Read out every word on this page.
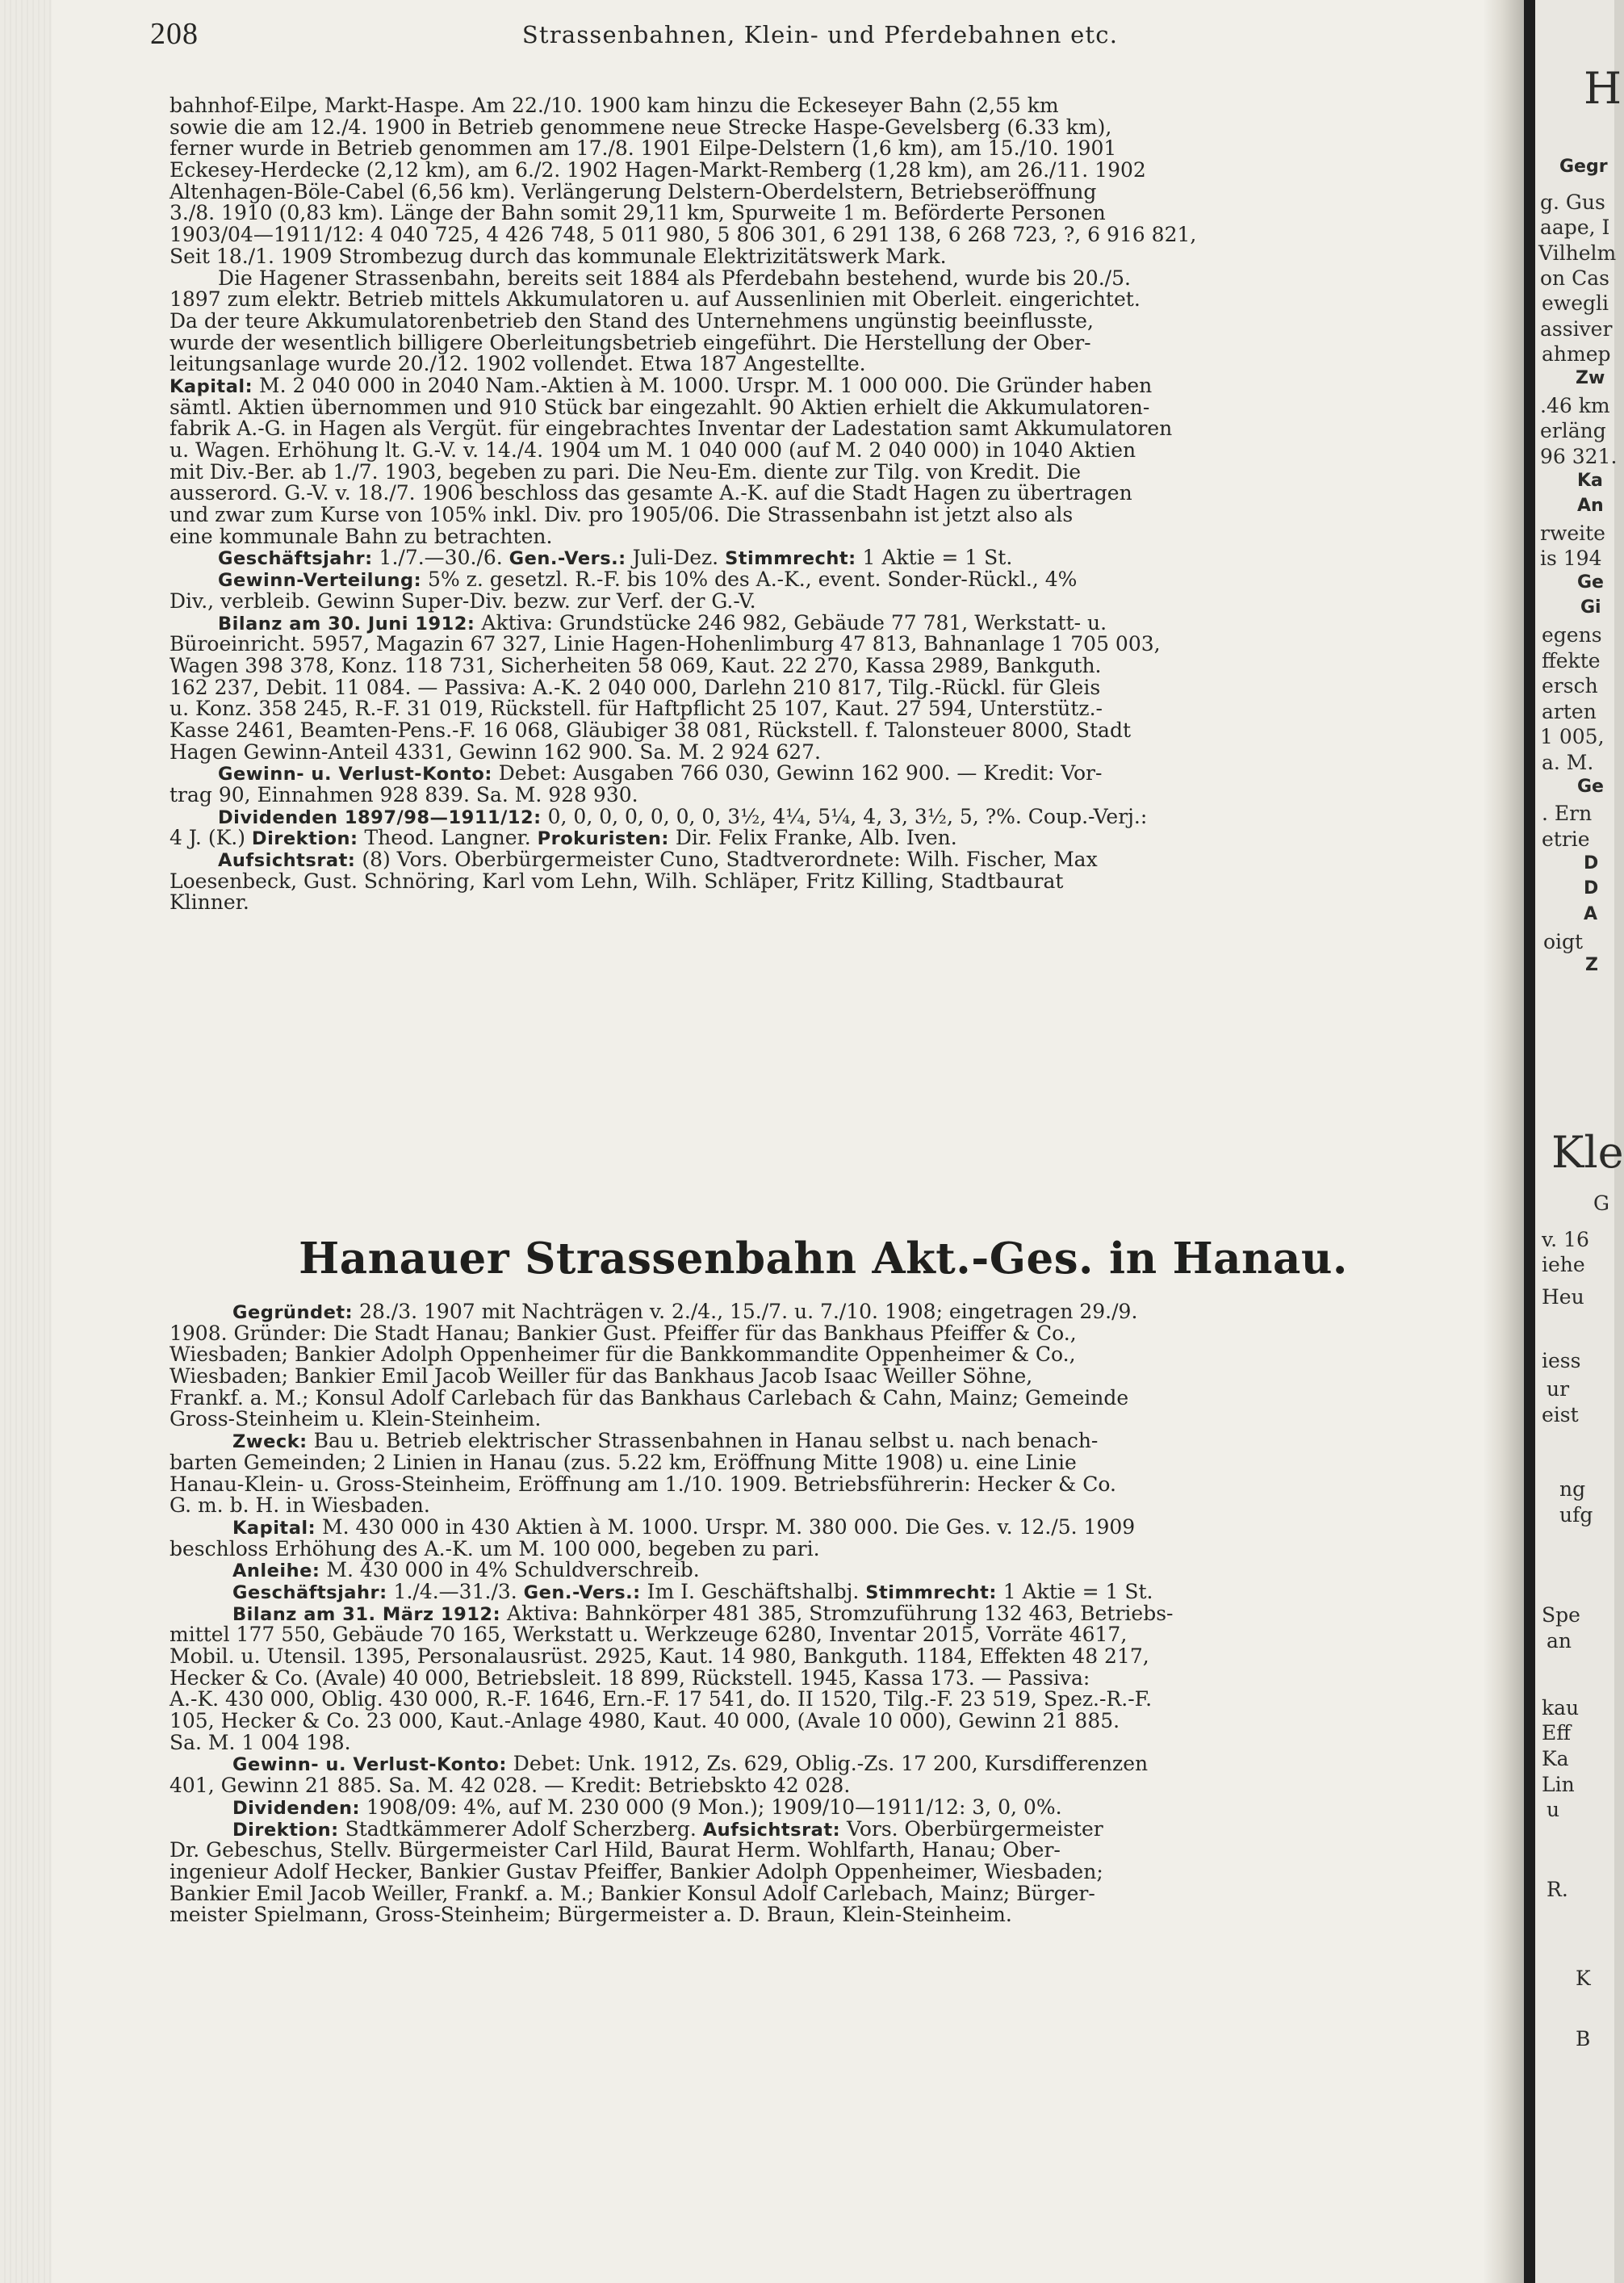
208	Strassenbahnen, Klein- und Pferdebahnen etc.
bahnhof-Eilpe, Markt-Haspe. Am 22./10. 1900 kam hinzu die Eckeseyer Bahn (2,55 km
sowie die am 12./4. 1900 in Betrieb genommene neue Strecke Haspe-Gevelsberg (6.33 km),
ferner wurde in Betrieb genommen am 17./8. 1901 Eilpe-Delstern (1,6 km), am 15./10. 1901
Eckesey-Herdecke (2,12 km), am 6./2. 1902 Hagen-Markt-Remberg (1,28 km), am 26./11. 1902
Altenhagen-Böle-Cabel (6,56 km). Verlängerung Delstern-Oberdelstern, Betriebseröffnung
3./8. 1910 (0,83 km). Länge der Bahn somit 29,11 km, Spurweite 1 m. Beförderte Personen
1903/04—1911/12: 4 040 725, 4 426 748, 5 011 980, 5 806 301, 6 291 138, 6 268 723, ?, 6 916 821,
Seit 18./1. 1909 Strombezug durch das kommunale Elektrizitätswerk Mark.
Die Hagener Strassenbahn, bereits seit 1884 als Pferdebahn bestehend, wurde bis 20./5.
1897 zum elektr. Betrieb mittels Akkumulatoren u. auf Aussenlinien mit Oberleit. eingerichtet.
Da der teure Akkumulatorenbetrieb den Stand des Unternehmens ungünstig beeinflusste,
wurde der wesentlich billigere Oberleitungsbetrieb eingeführt. Die Herstellung der Ober-
leitungsanlage wurde 20./12. 1902 vollendet. Etwa 187 Angestellte.
Kapital: M. 2 040 000 in 2040 Nam.-Aktien à M. 1000. Urspr. M. 1 000 000. Die Gründer haben
sämtl. Aktien übernommen und 910 Stück bar eingezahlt. 90 Aktien erhielt die Akkumulatoren-
fabrik A.-G. in Hagen als Vergüt. für eingebrachtes Inventar der Ladestation samt Akkumulatoren
u. Wagen. Erhöhung lt. G.-V. v. 14./4. 1904 um M. 1 040 000 (auf M. 2 040 000) in 1040 Aktien
mit Div.-Ber. ab 1./7. 1903, begeben zu pari. Die Neu-Em. diente zur Tilg. von Kredit. Die
ausserord. G.-V. v. 18./7. 1906 beschloss das gesamte A.-K. auf die Stadt Hagen zu übertragen
und zwar zum Kurse von 105% inkl. Div. pro 1905/06. Die Strassenbahn ist jetzt also als
eine kommunale Bahn zu betrachten.
Geschäftsjahr: 1./7.—30./6. Gen.-Vers.: Juli-Dez. Stimmrecht: 1 Aktie = 1 St.
Gewinn-Verteilung: 5% z. gesetzl. R.-F. bis 10% des A.-K., event. Sonder-Rückl., 4%
Div., verbleib. Gewinn Super-Div. bezw. zur Verf. der G.-V.
Bilanz am 30. Juni 1912: Aktiva: Grundstücke 246 982, Gebäude 77 781, Werkstatt- u.
Büroeinricht. 5957, Magazin 67 327, Linie Hagen-Hohenlimburg 47 813, Bahnanlage 1 705 003,
Wagen 398 378, Konz. 118 731, Sicherheiten 58 069, Kaut. 22 270, Kassa 2989, Bankguth.
162 237, Debit. 11 084. — Passiva: A.-K. 2 040 000, Darlehn 210 817, Tilg.-Rückl. für Gleis
u. Konz. 358 245, R.-F. 31 019, Rückstell. für Haftpflicht 25 107, Kaut. 27 594, Unterstütz.-
Kasse 2461, Beamten-Pens.-F. 16 068, Gläubiger 38 081, Rückstell. f. Talonsteuer 8000, Stadt
Hagen Gewinn-Anteil 4331, Gewinn 162 900. Sa. M. 2 924 627.
Gewinn- u. Verlust-Konto: Debet: Ausgaben 766 030, Gewinn 162 900. — Kredit: Vor-
trag 90, Einnahmen 928 839. Sa. M. 928 930.
Dividenden 1897/98—1911/12: 0, 0, 0, 0, 0, 0, 0, 3½, 4¼, 5¼, 4, 3, 3½, 5, ?%. Coup.-Verj.:
4 J. (K.) Direktion: Theod. Langner. Prokuristen: Dir. Felix Franke, Alb. Iven.
Aufsichtsrat: (8) Vors. Oberbürgermeister Cuno, Stadtverordnete: Wilh. Fischer, Max
Loesenbeck, Gust. Schnöring, Karl vom Lehn, Wilh. Schläper, Fritz Killing, Stadtbaurat
Klinner.
Hanauer Strassenbahn Akt.-Ges. in Hanau.
Gegründet: 28./3. 1907 mit Nachträgen v. 2./4., 15./7. u. 7./10. 1908; eingetragen 29./9.
1908. Gründer: Die Stadt Hanau; Bankier Gust. Pfeiffer für das Bankhaus Pfeiffer & Co.,
Wiesbaden; Bankier Adolph Oppenheimer für die Bankkommandite Oppenheimer & Co.,
Wiesbaden; Bankier Emil Jacob Weiller für das Bankhaus Jacob Isaac Weiller Söhne,
Frankf. a. M.; Konsul Adolf Carlebach für das Bankhaus Carlebach & Cahn, Mainz; Gemeinde
Gross-Steinheim u. Klein-Steinheim.
Zweck: Bau u. Betrieb elektrischer Strassenbahnen in Hanau selbst u. nach benach-
barten Gemeinden; 2 Linien in Hanau (zus. 5.22 km, Eröffnung Mitte 1908) u. eine Linie
Hanau-Klein- u. Gross-Steinheim, Eröffnung am 1./10. 1909. Betriebsführerin: Hecker & Co.
G. m. b. H. in Wiesbaden.
Kapital: M. 430 000 in 430 Aktien à M. 1000. Urspr. M. 380 000. Die Ges. v. 12./5. 1909
beschloss Erhöhung des A.-K. um M. 100 000, begeben zu pari.
Anleihe: M. 430 000 in 4% Schuldverschreib.
Geschäftsjahr: 1./4.—31./3. Gen.-Vers.: Im I. Geschäftshalbj. Stimmrecht: 1 Aktie = 1 St.
Bilanz am 31. März 1912: Aktiva: Bahnkörper 481 385, Stromzuführung 132 463, Betriebs-
mittel 177 550, Gebäude 70 165, Werkstatt u. Werkzeuge 6280, Inventar 2015, Vorräte 4617,
Mobil. u. Utensil. 1395, Personalausrüst. 2925, Kaut. 14 980, Bankguth. 1184, Effekten 48 217,
Hecker & Co. (Avale) 40 000, Betriebsleit. 18 899, Rückstell. 1945, Kassa 173. — Passiva:
A.-K. 430 000, Oblig. 430 000, R.-F. 1646, Ern.-F. 17 541, do. II 1520, Tilg.-F. 23 519, Spez.-R.-F.
105, Hecker & Co. 23 000, Kaut.-Anlage 4980, Kaut. 40 000, (Avale 10 000), Gewinn 21 885.
Sa. M. 1 004 198.
Gewinn- u. Verlust-Konto: Debet: Unk. 1912, Zs. 629, Oblig.-Zs. 17 200, Kursdifferenzen
401, Gewinn 21 885. Sa. M. 42 028. — Kredit: Betriebskto 42 028.
Dividenden: 1908/09: 4%, auf M. 230 000 (9 Mon.); 1909/10—1911/12: 3, 0, 0%.
Direktion: Stadtkämmerer Adolf Scherzberg. Aufsichtsrat: Vors. Oberbürgermeister
Dr. Gebeschus, Stellv. Bürgermeister Carl Hild, Baurat Herm. Wohlfarth, Hanau; Ober-
ingenieur Adolf Hecker, Bankier Gustav Pfeiffer, Bankier Adolph Oppenheimer, Wiesbaden;
Bankier Emil Jacob Weiller, Frankf. a. M.; Bankier Konsul Adolf Carlebach, Mainz; Bürger-
meister Spielmann, Gross-Steinheim; Bürgermeister a. D. Braun, Klein-Steinheim.
H
Gegr
g. Gus
aape, I
Vilhelm
on Cas
ewegli
assiver
ahmep
Zw
.46 km
erläng
96 321.
Ka
An
rweite
is 194
Ge
Gi
egens
ffekte
ersch
arten
1 005,
a. M.
Ge
. Ern
etrie
D
D
A
oigt
Z
Kle
G
v. 16
iehe
Heu
iess
ur
eist
ng
ufg
Spe
an
kau
Eff
Ka
Lin
u
R.
K
B
